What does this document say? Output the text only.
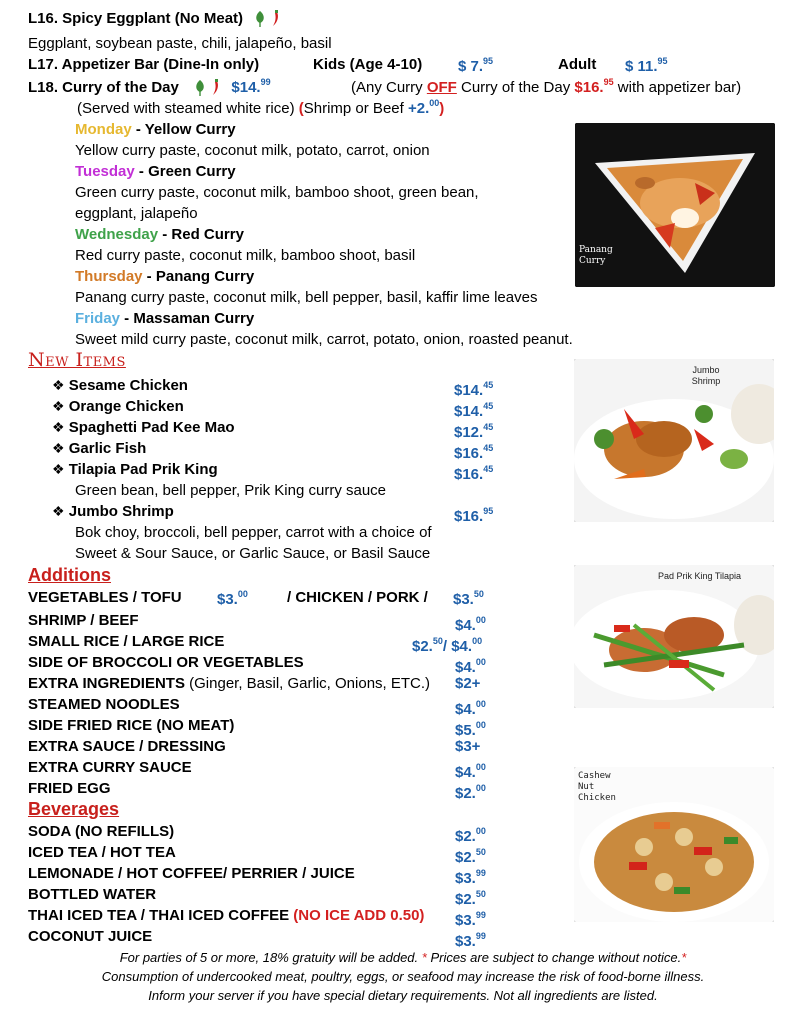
L16. Spicy Eggplant (No Meat)
Eggplant, soybean paste, chili, jalapeño, basil
L17. Appetizer Bar (Dine-In only)	Kids (Age 4-10) $ 7.95	Adult $ 11.95
L18. Curry of the Day	$14.99	(Any Curry OFF Curry of the Day $16.95 with appetizer bar)
(Served with steamed white rice) (Shrimp or Beef +2.00)
Monday - Yellow Curry
Yellow curry paste, coconut milk, potato, carrot, onion
Tuesday - Green Curry
Green curry paste, coconut milk, bamboo shoot, green bean,
eggplant, jalapeño
Wednesday - Red Curry
Red curry paste, coconut milk, bamboo shoot, basil
Thursday - Panang Curry
Panang curry paste, coconut milk, bell pepper, basil, kaffir lime leaves
Friday - Massaman Curry
Sweet mild curry paste, coconut milk, carrot, potato, onion, roasted peanut.
Panang Curry
New Items
❖ Sesame Chicken	$14.45
❖ Orange Chicken	$14.45
❖ Spaghetti Pad Kee Mao	$12.45
❖ Garlic Fish	$16.45
❖ Tilapia Pad Prik King	$16.45
Green bean, bell pepper, Prik King curry sauce
❖ Jumbo Shrimp	$16.95
Bok choy, broccoli, bell pepper, carrot with a choice of
Sweet & Sour Sauce, or Garlic Sauce, or Basil Sauce
Jumbo Shrimp
Additions
VEGETABLES / TOFU $3.00	/ CHICKEN / PORK / $3.50
SHRIMP / BEEF	$4.00
SMALL RICE / LARGE RICE	$2.50/ $4.00
SIDE OF BROCCOLI OR VEGETABLES	$4.00
EXTRA INGREDIENTS (Ginger, Basil, Garlic, Onions, ETC.) $2+
STEAMED NOODLES	$4.00
SIDE FRIED RICE (NO MEAT)	$5.00
EXTRA SAUCE / DRESSING	$3+
EXTRA CURRY SAUCE	$4.00
FRIED EGG	$2.00
Pad Prik King Tilapia
Beverages
SODA (NO REFILLS)	$2.00
ICED TEA / HOT TEA	$2.50
LEMONADE / HOT COFFEE/ PERRIER / JUICE	$3.99
BOTTLED WATER	$2.50
THAI ICED TEA / THAI ICED COFFEE (NO ICE ADD 0.50) $3.99
COCONUT JUICE	$3.99
Cashew Nut Chicken
For parties of 5 or more, 18% gratuity will be added. * Prices are subject to change without notice.*
Consumption of undercooked meat, poultry, eggs, or seafood may increase the risk of food-borne illness.
Inform your server if you have special dietary requirements. Not all ingredients are listed.
